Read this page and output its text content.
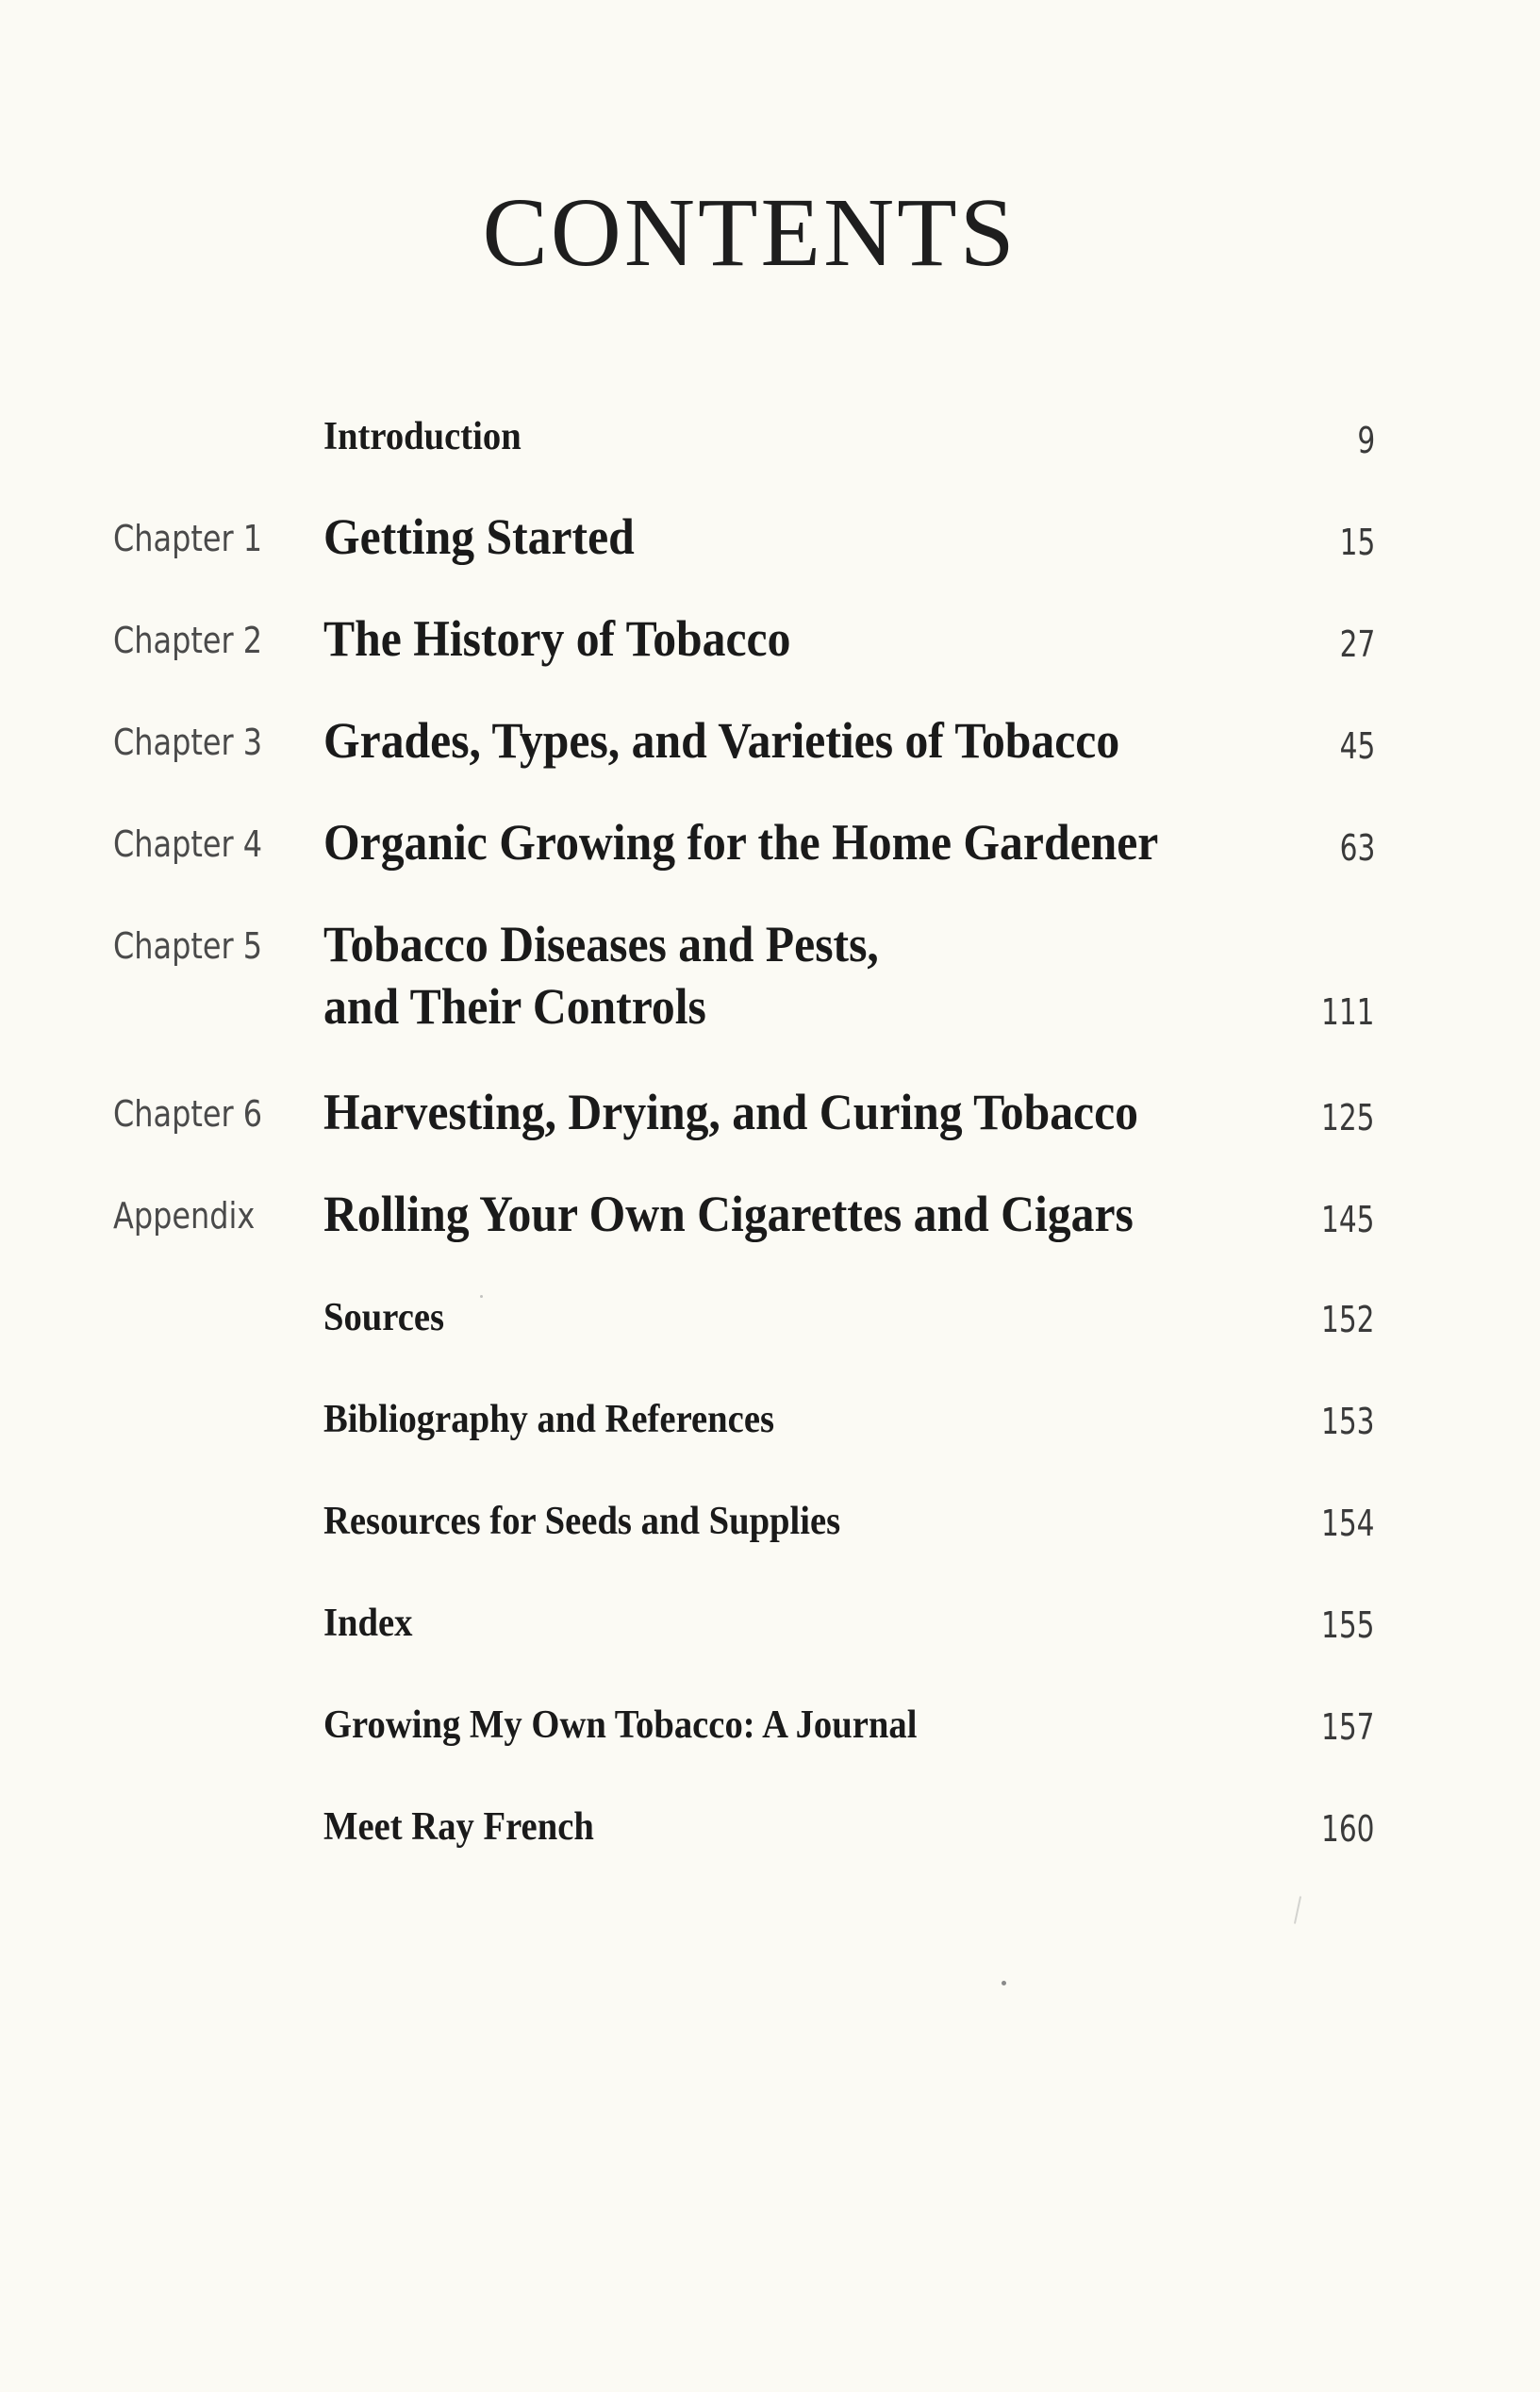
CONTENTS
Introduction	9
Chapter 1 Getting Started	15
Chapter 2 The History of Tobacco	27
Chapter 3 Grades, Types, and Varieties of Tobacco	45
Chapter 4 Organic Growing for the Home Gardener	63
Chapter 5 Tobacco Diseases and Pests,
and Their Controls	111
Chapter 6 Harvesting, Drying, and Curing Tobacco	125
Appendix Rolling Your Own Cigarettes and Cigars	145
Sources	152
Bibliography and References	153
Resources for Seeds and Supplies	154
Index	155
Growing My Own Tobacco: A Journal	157
Meet Ray French	160
